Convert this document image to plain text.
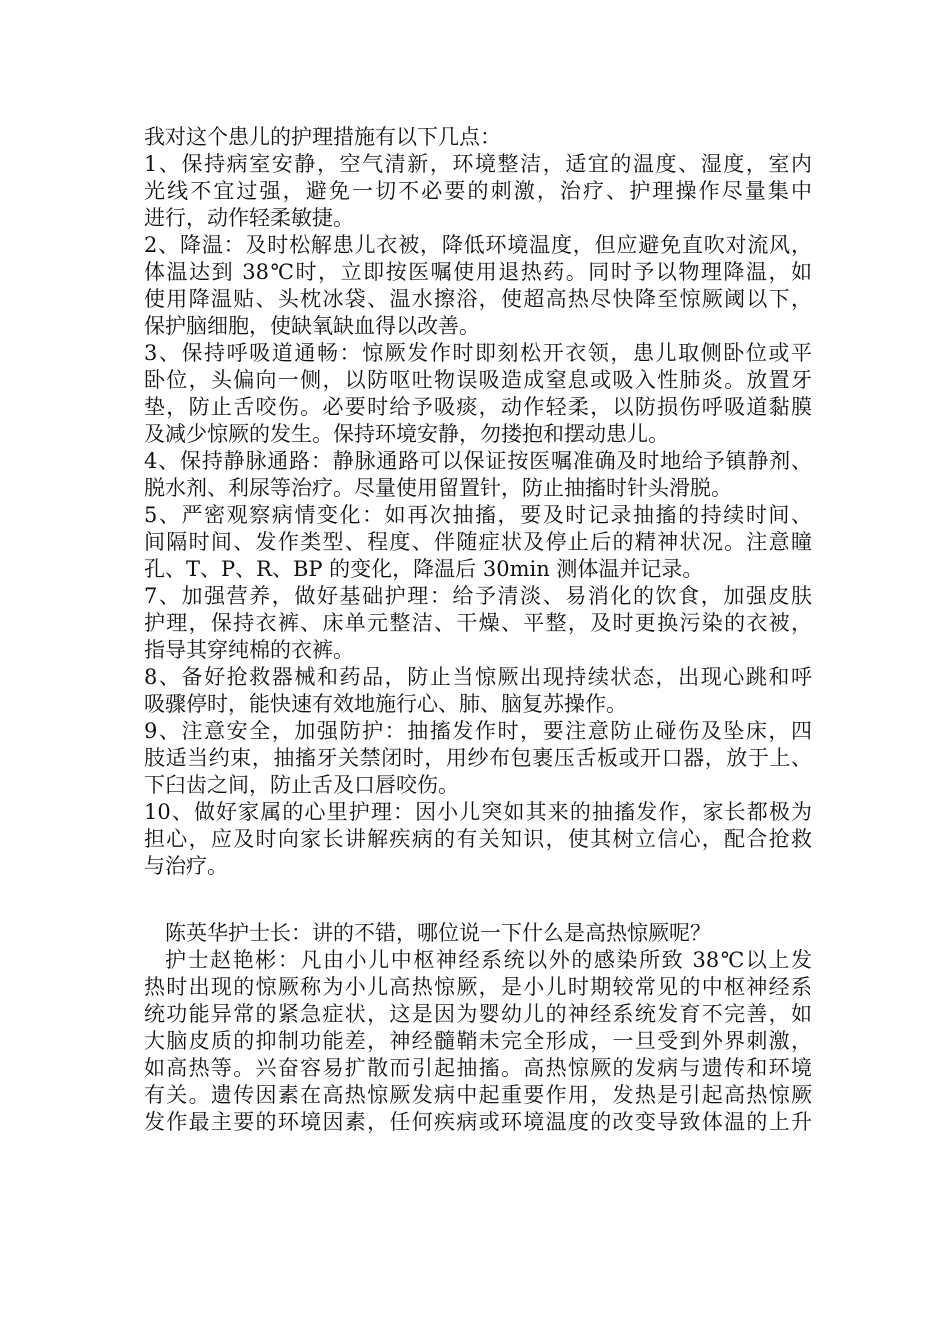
我对这个患儿的护理措施有以下几点：

1、保持病室安静，空气清新，环境整洁，适宜的温度、湿度，室内

光线不宜过强，避免一切不必要的刺激，治疗、护理操作尽量集中

进行，动作轻柔敏捷。

2、降温：及时松解患儿衣被，降低环境温度，但应避免直吹对流风，

体温达到 38℃时，立即按医嘱使用退热药。同时予以物理降温，如

使用降温贴、头枕冰袋、温水擦浴，使超高热尽快降至惊厥阈以下，

保护脑细胞，使缺氧缺血得以改善。

3、保持呼吸道通畅：惊厥发作时即刻松开衣领，患儿取侧卧位或平

卧位，头偏向一侧，以防呕吐物误吸造成窒息或吸入性肺炎。放置牙

垫，防止舌咬伤。必要时给予吸痰，动作轻柔，以防损伤呼吸道黏膜

及减少惊厥的发生。保持环境安静，勿搂抱和摆动患儿。

4、保持静脉通路：静脉通路可以保证按医嘱准确及时地给予镇静剂、

脱水剂、利尿等治疗。尽量使用留置针，防止抽搐时针头滑脱。

5、严密观察病情变化：如再次抽搐，要及时记录抽搐的持续时间、

间隔时间、发作类型、程度、伴随症状及停止后的精神状况。注意瞳

孔、T、P、R、BP 的变化，降温后 30min 测体温并记录。

7、加强营养，做好基础护理：给予清淡、易消化的饮食，加强皮肤

护理，保持衣裤、床单元整洁、干燥、平整，及时更换污染的衣被，

指导其穿纯棉的衣裤。

8、备好抢救器械和药品，防止当惊厥出现持续状态，出现心跳和呼

吸骤停时，能快速有效地施行心、肺、脑复苏操作。

9、注意安全，加强防护：抽搐发作时，要注意防止碰伤及坠床，四

肢适当约束，抽搐牙关禁闭时，用纱布包裹压舌板或开口器，放于上、

下臼齿之间，防止舌及口唇咬伤。

10、做好家属的心里护理：因小儿突如其来的抽搐发作，家长都极为

担心，应及时向家长讲解疾病的有关知识，使其树立信心，配合抢救

与治疗。

陈英华护士长：讲的不错，哪位说一下什么是高热惊厥呢？

护士赵艳彬：凡由小儿中枢神经系统以外的感染所致 38℃以上发

热时出现的惊厥称为小儿高热惊厥，是小儿时期较常见的中枢神经系

统功能异常的紧急症状，这是因为婴幼儿的神经系统发育不完善，如

大脑皮质的抑制功能差，神经髓鞘未完全形成，一旦受到外界刺激，

如高热等。兴奋容易扩散而引起抽搐。高热惊厥的发病与遗传和环境

有关。遗传因素在高热惊厥发病中起重要作用，发热是引起高热惊厥

发作最主要的环境因素，任何疾病或环境温度的改变导致体温的上升
